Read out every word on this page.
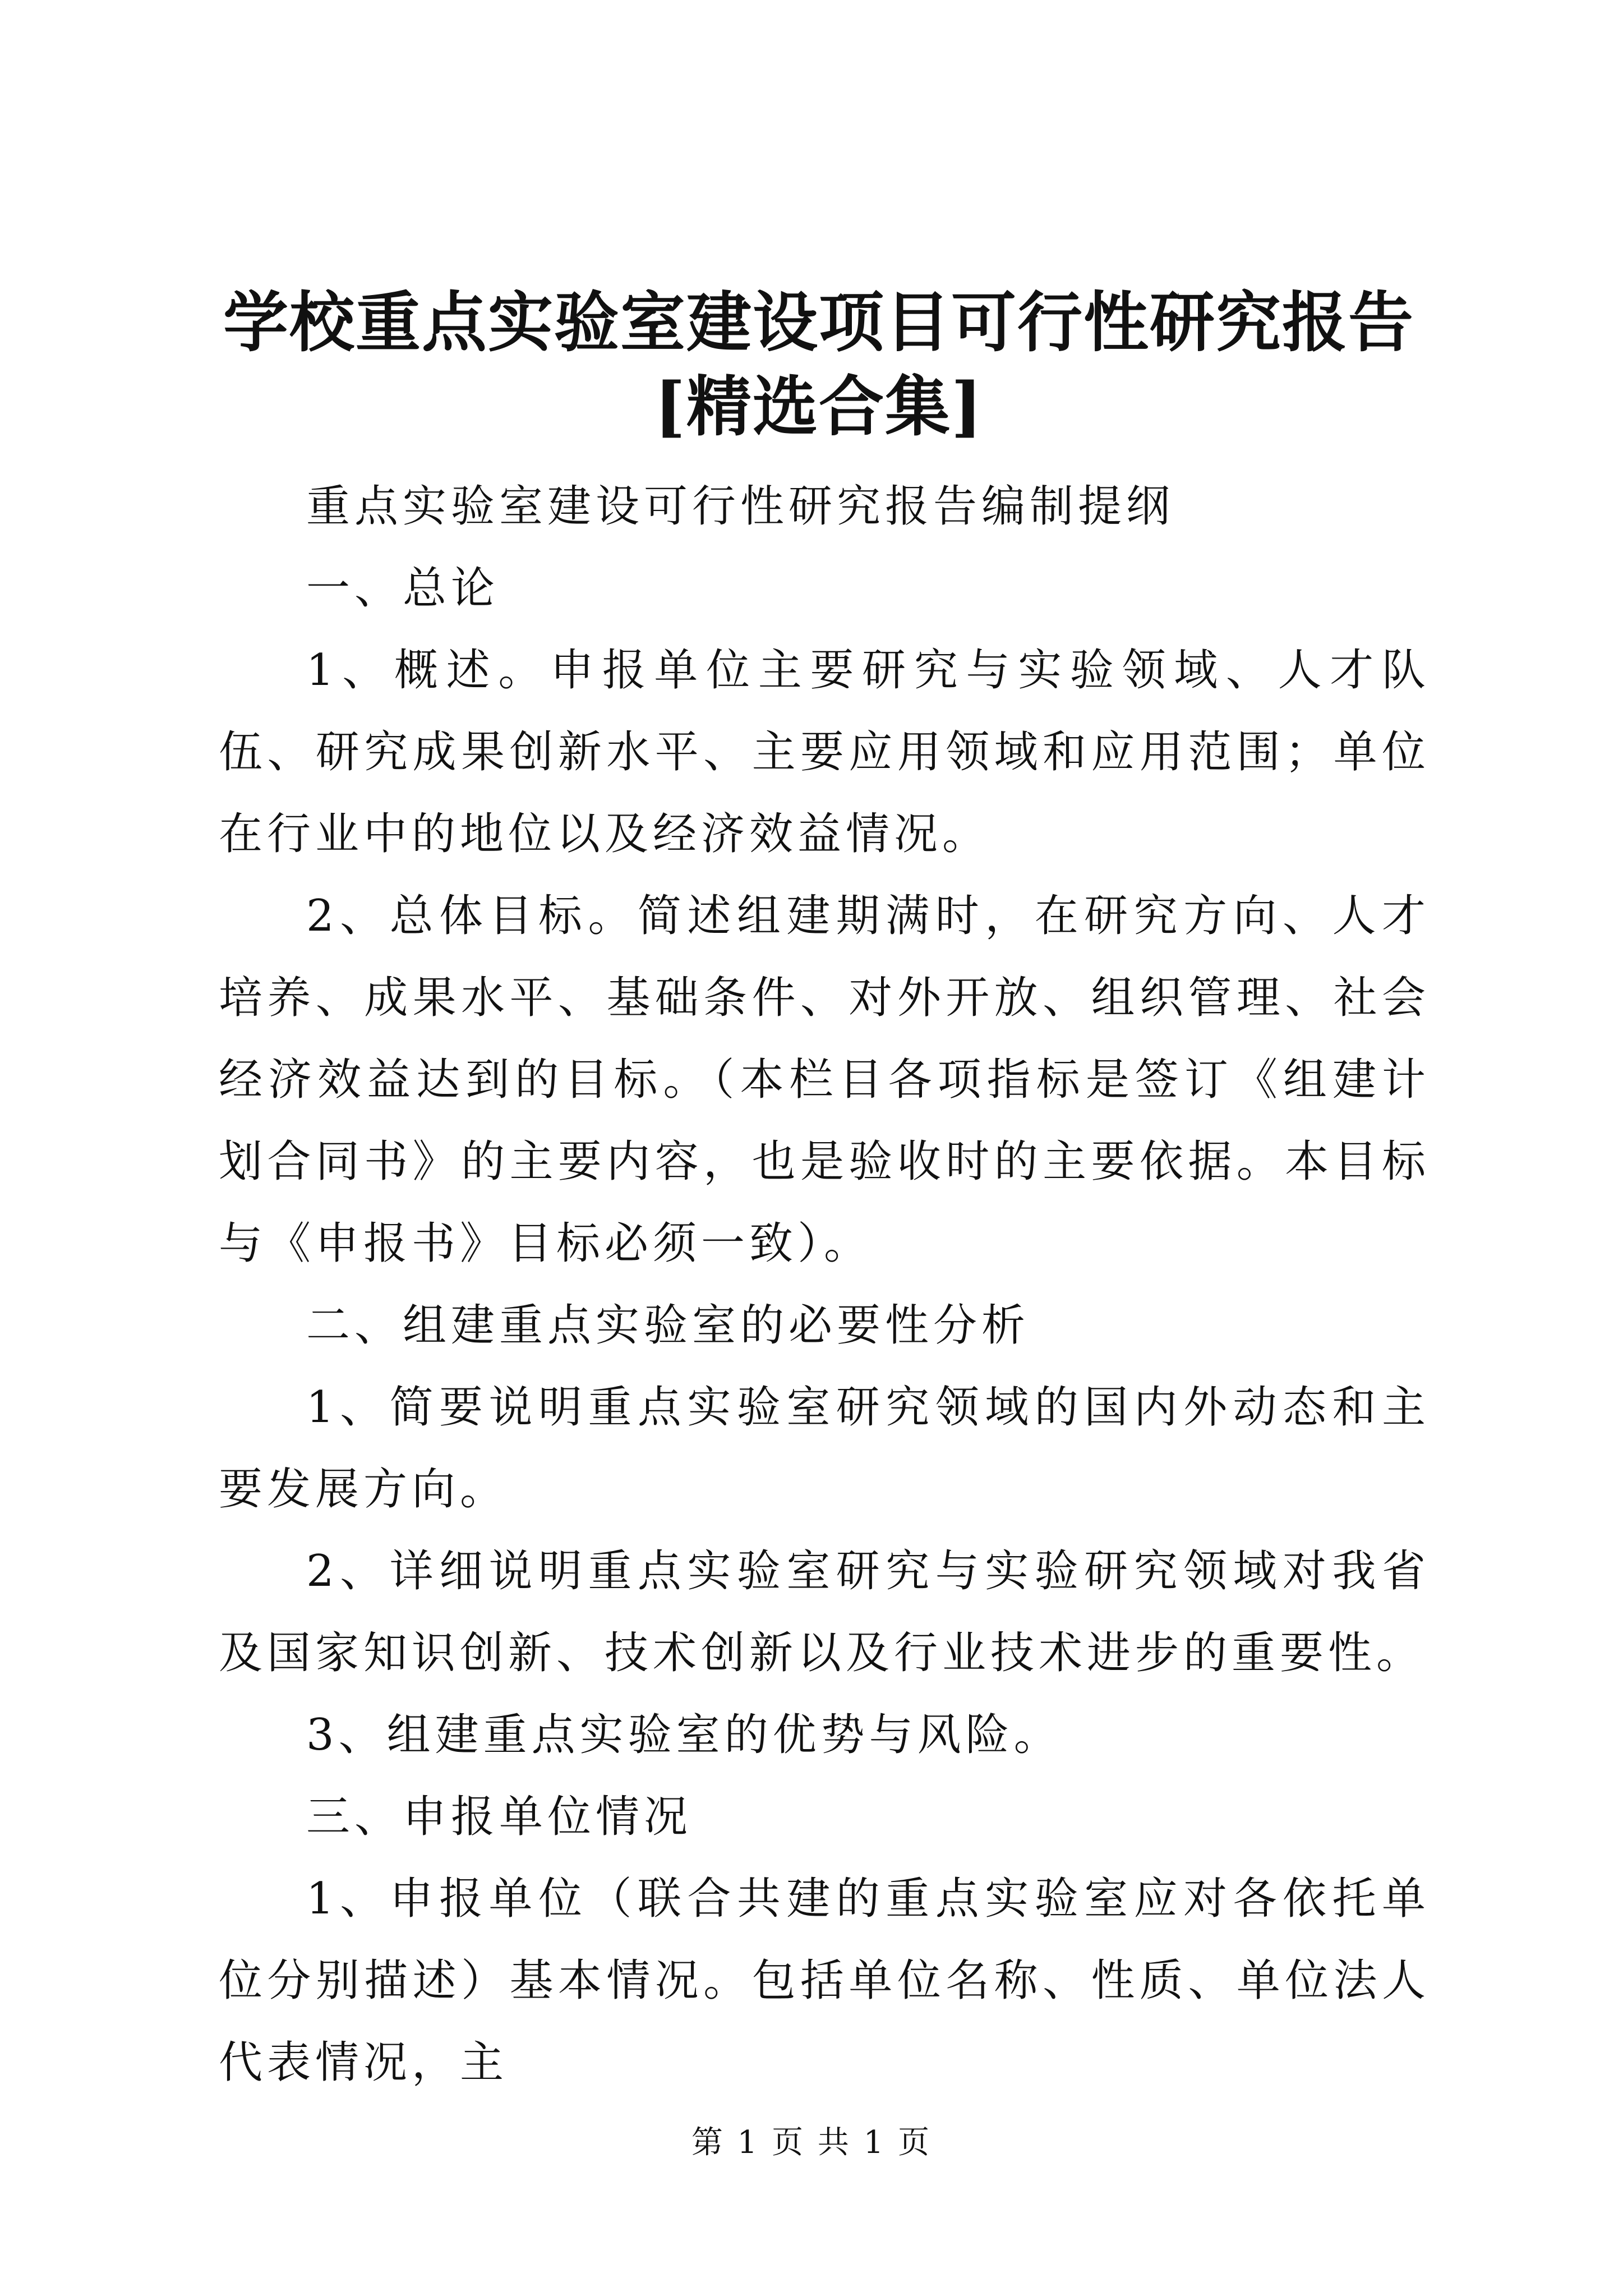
学校重点实验室建设项目可行性研究报告[精选合集]

重点实验室建设可行性研究报告编制提纲

一、总论

1、概述。申报单位主要研究与实验领域、人才队伍、研究成果创新水平、主要应用领域和应用范围；单位在行业中的地位以及经济效益情况。

2、总体目标。简述组建期满时，在研究方向、人才培养、成果水平、基础条件、对外开放、组织管理、社会经济效益达到的目标。（本栏目各项指标是签订《组建计划合同书》的主要内容，也是验收时的主要依据。本目标与《申报书》目标必须一致）。

二、组建重点实验室的必要性分析

1、简要说明重点实验室研究领域的国内外动态和主要发展方向。

2、详细说明重点实验室研究与实验研究领域对我省及国家知识创新、技术创新以及行业技术进步的重要性。

3、组建重点实验室的优势与风险。

三、申报单位情况

1、申报单位（联合共建的重点实验室应对各依托单位分别描述）基本情况。包括单位名称、性质、单位法人代表情况，主

第 1 页 共 1 页
